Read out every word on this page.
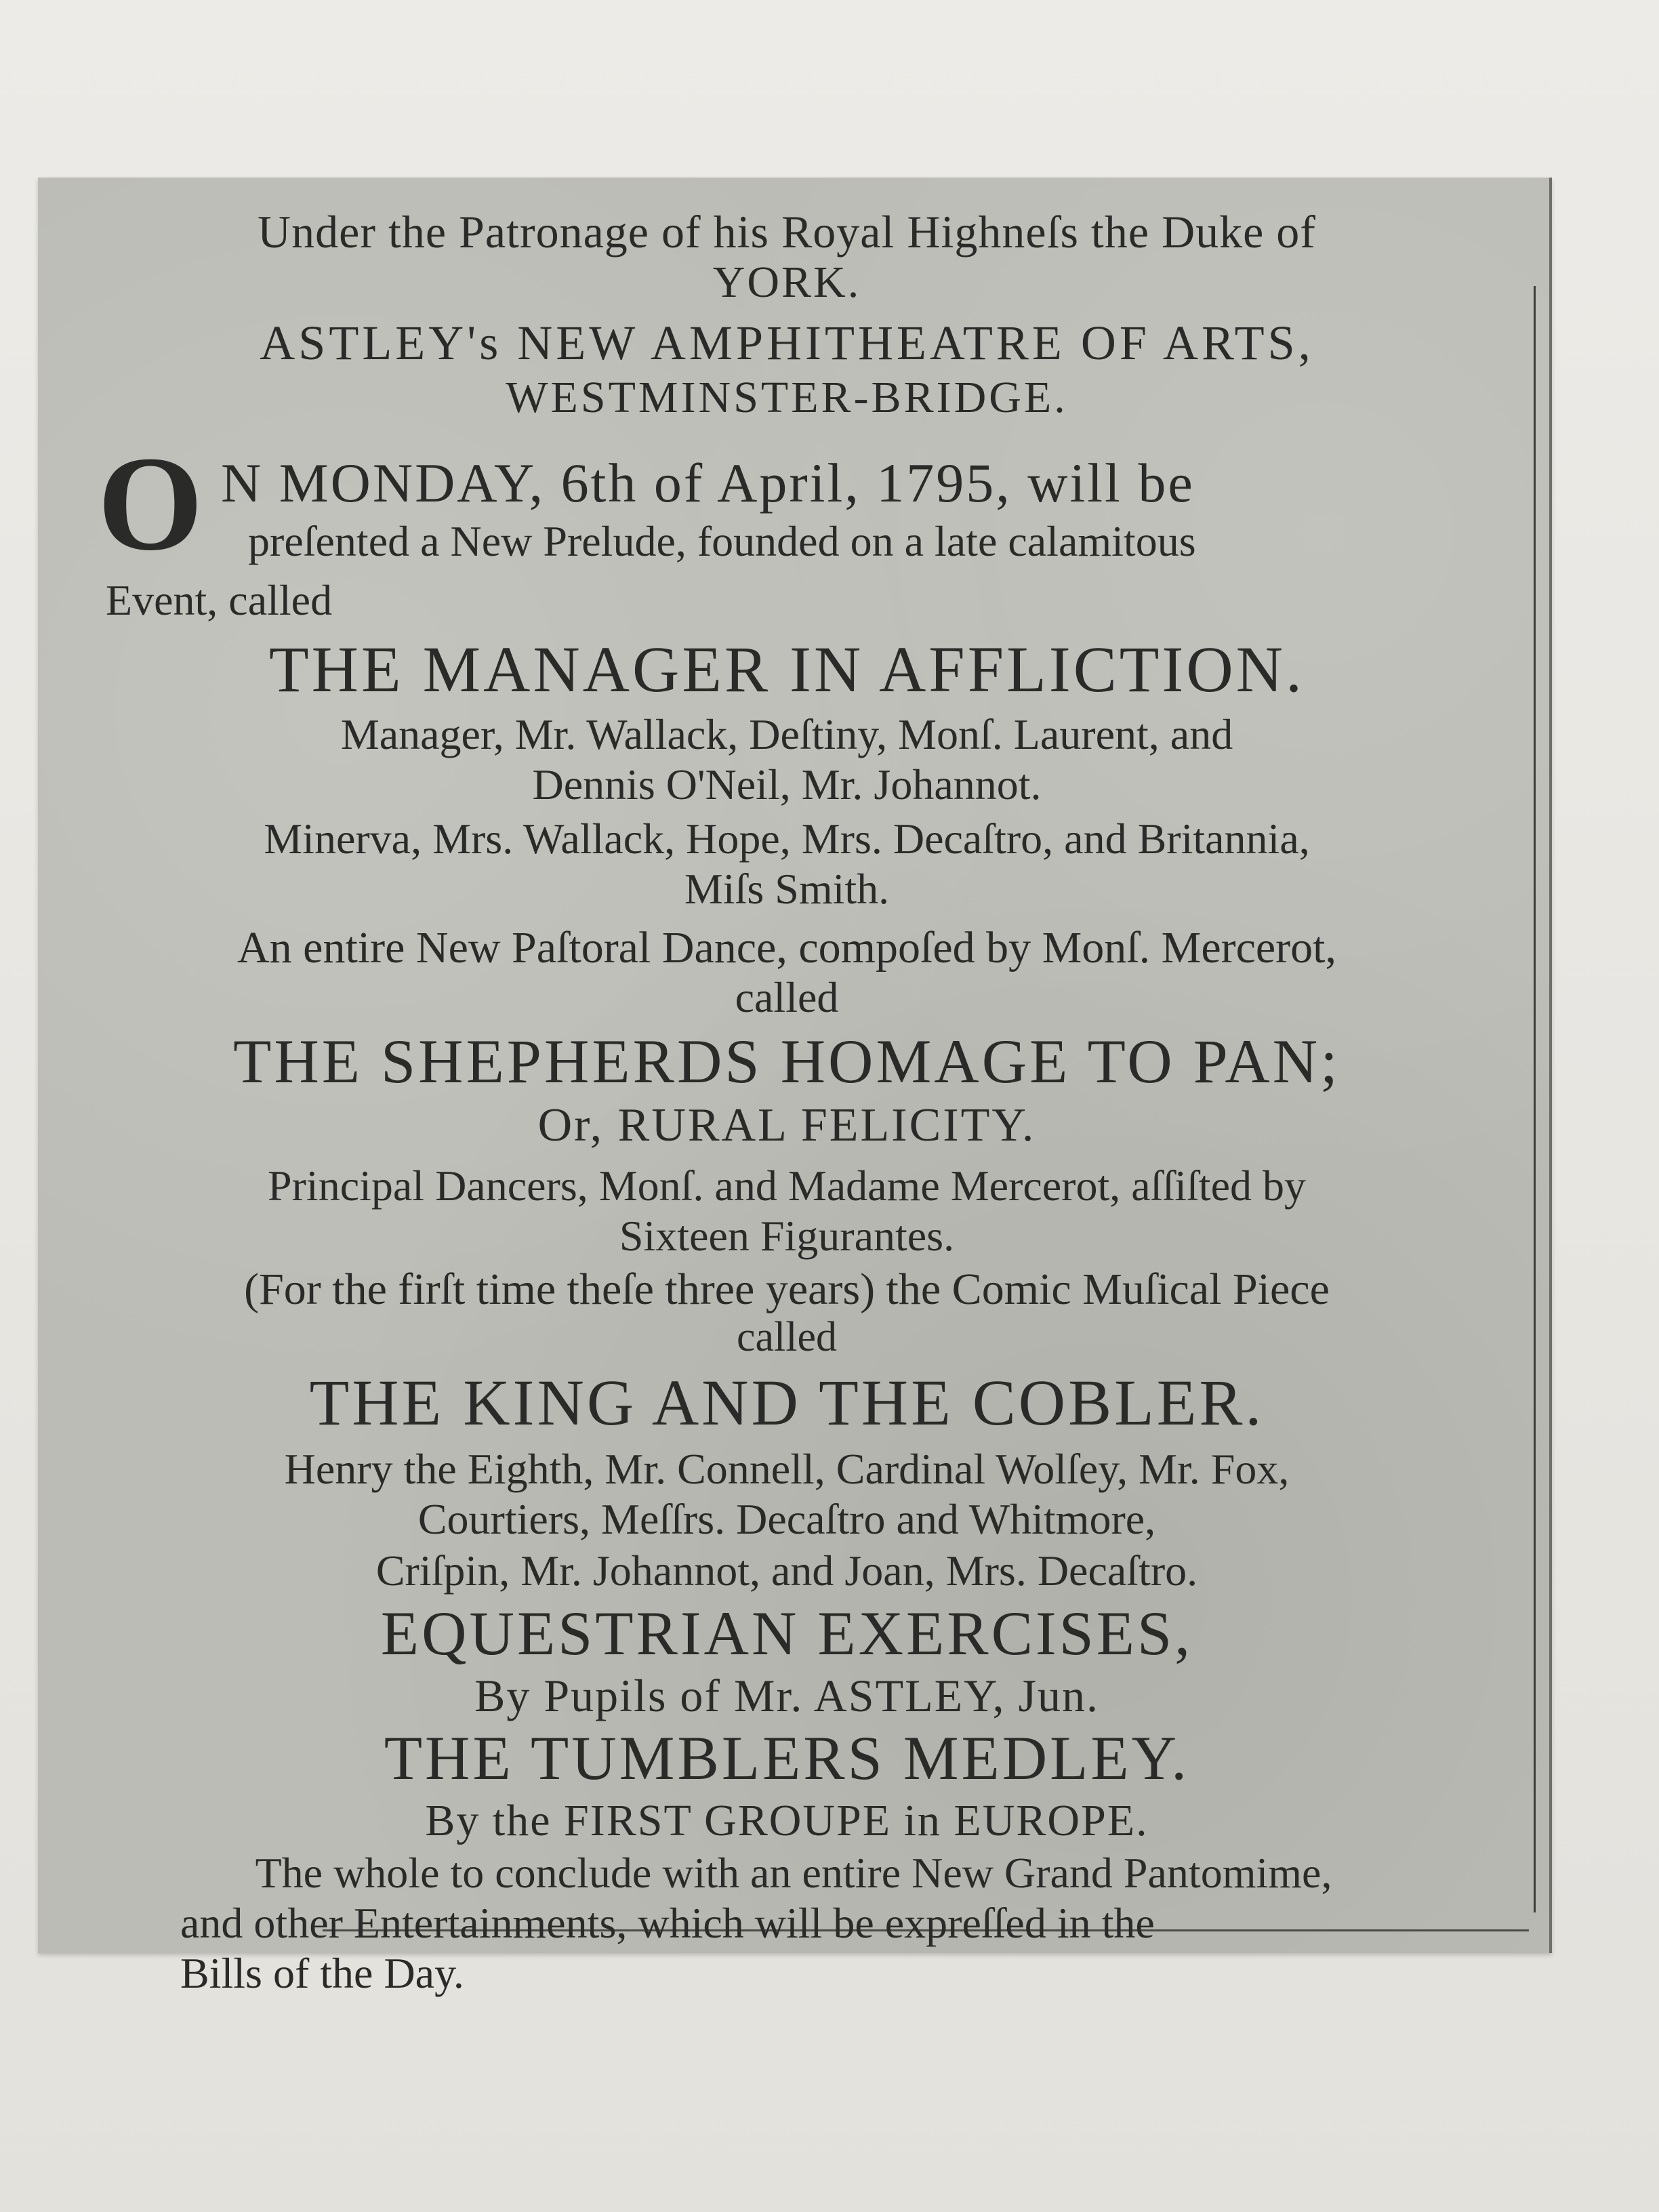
Under the Patronage of his Royal Highneſs the Duke of

YORK.

ASTLEY's NEW AMPHITHEATRE OF ARTS,

WESTMINSTER-BRIDGE.

O N MONDAY, 6th of April, 1795, will be
preſented a New Prelude, founded on a late calamitous

Event, called

THE MANAGER IN AFFLICTION.

Manager, Mr. Wallack, Deſtiny, Monſ. Laurent, and

Dennis O'Neil, Mr. Johannot.

Minerva, Mrs. Wallack, Hope, Mrs. Decaſtro, and Britannia,

Miſs Smith.

An entire New Paſtoral Dance, compoſed by Monſ. Mercerot,

called

THE SHEPHERDS HOMAGE TO PAN;

Or, RURAL FELICITY.

Principal Dancers, Monſ. and Madame Mercerot, aſſiſted by

Sixteen Figurantes.

(For the firſt time theſe three years) the Comic Muſical Piece

called

THE KING AND THE COBLER.

Henry the Eighth, Mr. Connell, Cardinal Wolſey, Mr. Fox,

Courtiers, Meſſrs. Decaſtro and Whitmore,

Criſpin, Mr. Johannot, and Joan, Mrs. Decaſtro.

EQUESTRIAN EXERCISES,

By Pupils of Mr. ASTLEY, Jun.

THE TUMBLERS MEDLEY.

By the FIRST GROUPE in EUROPE.

The whole to conclude with an entire New Grand Pantomime,

and other Entertainments, which will be expreſſed in the

Bills of the Day.
